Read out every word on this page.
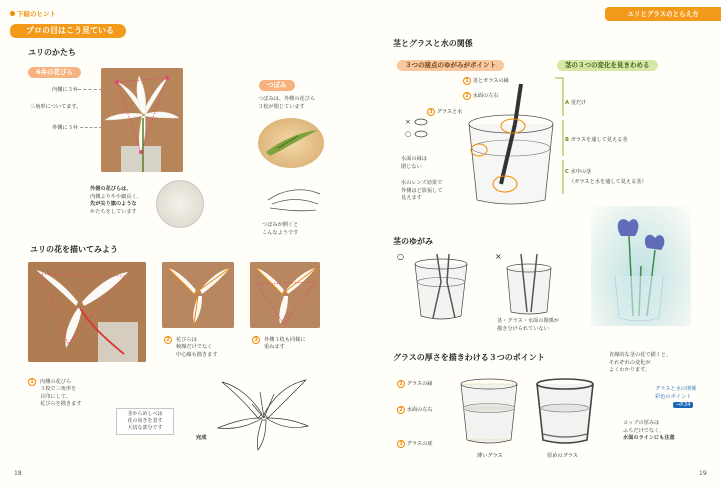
下絵のヒント
プロの目はこう見ている
ユリのかたち
6弁の花びら
内側に３弁
三角形についてます。
外側に３弁
外側の花びらは、
内側よりやや細長く、
先が尖り旗のような
かたちをしています
つぼみ
つぼみは、外側の花びら
３枚が閉じています
つぼみが開くと
こんなようです
ユリの花を描いてみよう
1 内側の花びら
３枚で三角形を
目印にして、
花びらを描きます
2 花びらは
稜線だけでなく
中心線も描きます
3 外側３枚も同様に
重ねます
茎からめしべは
花の向きを表す
大切な部分です
完成
18
ユリとグラスのとらえ方
茎とグラスと水の関係
３つの接点のゆがみがポイント	茎の３つの変化を見きわめる
1 茎とガラスの縁
2 水面の左右
3 グラスと水
×
○
水面の縁は
閉じない
水のレンズ効果で
外側はど影張して
見えます
A 茎だけ
B ガラスを通して見える茎
C 水中の茎
（ガラスと水を通して見える茎）
茎のゆがみ
○	×
茎・グラス・水面の関係が
描き分けられていない
直線的な茎の花で描くと、
それぞれの変化が
よくわかります。
グラスの厚さを描きわける３つのポイント
1 グラスの縁
2 水面の左右
3 グラスの底
薄いグラス	厚めのグラス
グラスと水の関係
彩色のポイント
→P.34
コップの厚みは
ふちだけでなく、
水面のラインにも注意
19
